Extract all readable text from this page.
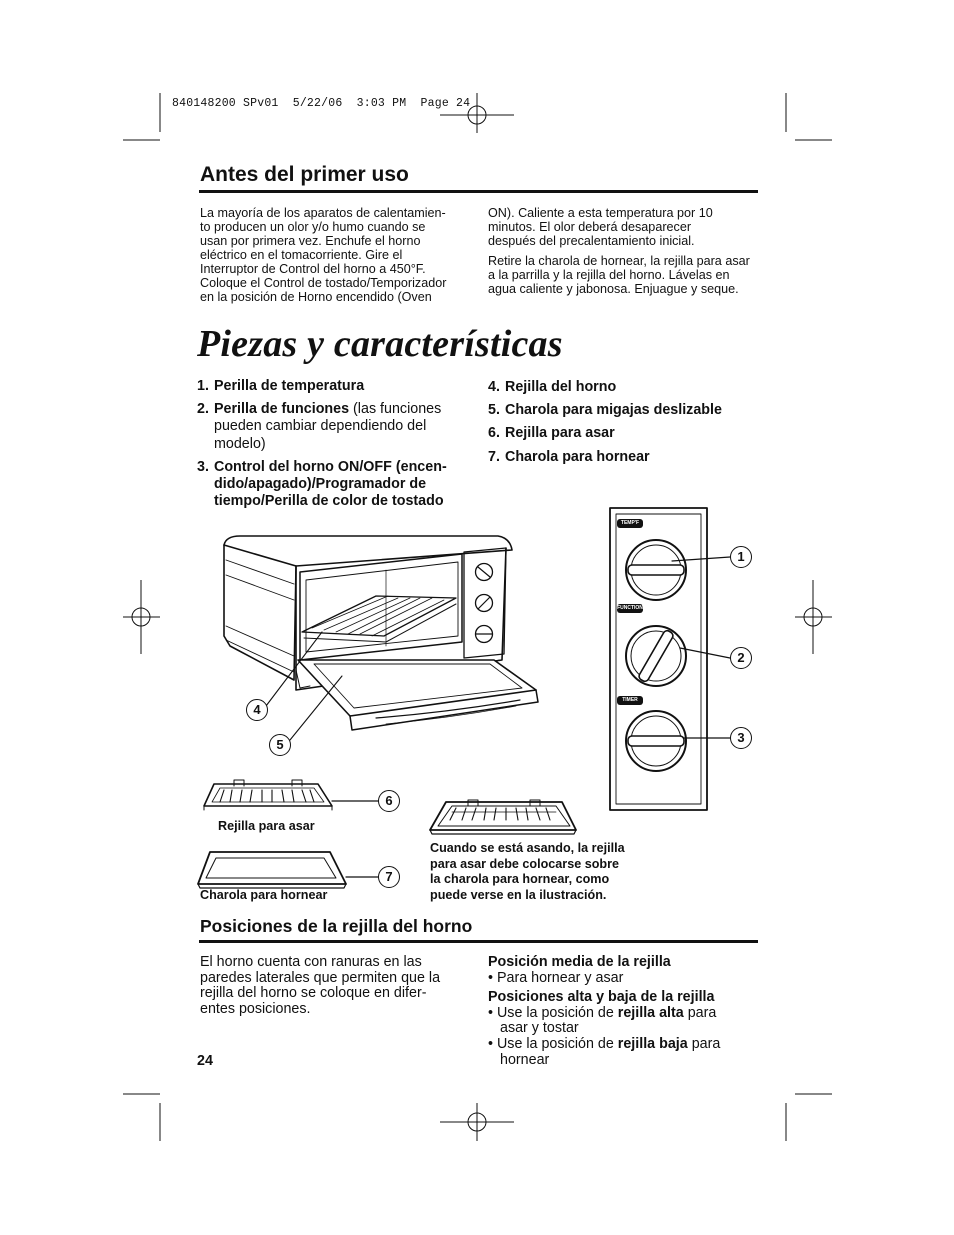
840148200 SPv01  5/22/06  3:03 PM  Page 24
Antes del primer uso
La mayoría de los aparatos de calentamien-
to producen un olor y/o humo cuando se
usan por primera vez. Enchufe el horno
eléctrico en el tomacorriente. Gire el
Interruptor de Control del horno a 450°F.
Coloque el Control de tostado/Temporizador
en la posición de Horno encendido (Oven

ON). Caliente a esta temperatura por 10
minutos. El olor deberá desaparecer
después del precalentamiento inicial.

Retire la charola de hornear, la rejilla para asar
a la parrilla y la rejilla del horno. Lávelas en
agua caliente y jabonosa. Enjuague y seque.

Piezas y características
1. Perilla de temperatura
2. Perilla de funciones (las funciones
pueden cambiar dependiendo del
modelo)
3. Control del horno ON/OFF (encen-
dido/apagado)/Programador de
tiempo/Perilla de color de tostado
4. Rejilla del horno
5. Charola para migajas deslizable
6. Rejilla para asar
7. Charola para hornear
TEMP'F
FUNCTION
TIMER
1
2
3
4
5
6
7
Rejilla para asar
Charola para hornear
Cuando se está asando, la rejilla
para asar debe colocarse sobre
la charola para hornear, como
puede verse en la ilustración.
Posiciones de la rejilla del horno
El horno cuenta con ranuras en las
paredes laterales que permiten que la
rejilla del horno se coloque en difer-
entes posiciones.
Posición media de la rejilla
• Para hornear y asar
Posiciones alta y baja de la rejilla
• Use la posición de rejilla alta para
asar y tostar
• Use la posición de rejilla baja para
hornear
24
